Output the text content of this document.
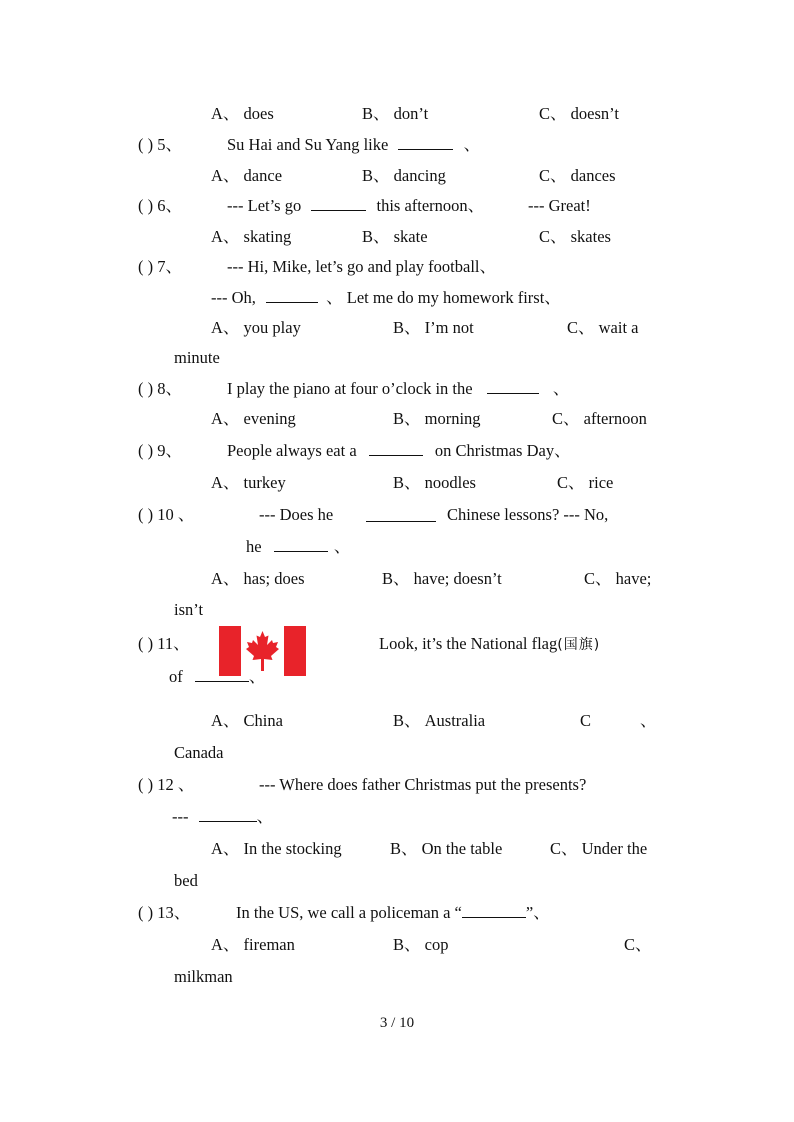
A、 does	B、 don’t	C、 doesn’t
( ) 5、	Su Hai and Su Yang like	、
A、 dance	B、 dancing	C、 dances
( ) 6、	--- Let’s go	this afternoon、	--- Great!
A、 skating	B、 skate	C、 skates
( ) 7、	--- Hi, Mike, let’s go and play football、
--- Oh,	、 Let me do my homework first、
A、 you play	B、 I’m not	C、 wait a
minute
( ) 8、	I play the piano at four o’clock in the	、
A、 evening	B、 morning	C、 afternoon
( ) 9、	People always eat a	on Christmas Day、
A、 turkey	B、 noodles	C、 rice
( ) 10 、	--- Does he	Chinese lessons? --- No,
he	、
A、 has; does	B、 have; doesn’t	C、 have;
isn’t
( ) 11、	Look, it’s the National flag(国旗)
of	、
A、 China	B、 Australia	C	、
Canada
( ) 12 、	--- Where does father Christmas put the presents?
---	、
A、 In the stocking	B、 On the table	C、 Under the
bed
( ) 13、	In the US, we call a policeman a “	”、
A、 fireman	B、 cop	C、
milkman
3 / 10
